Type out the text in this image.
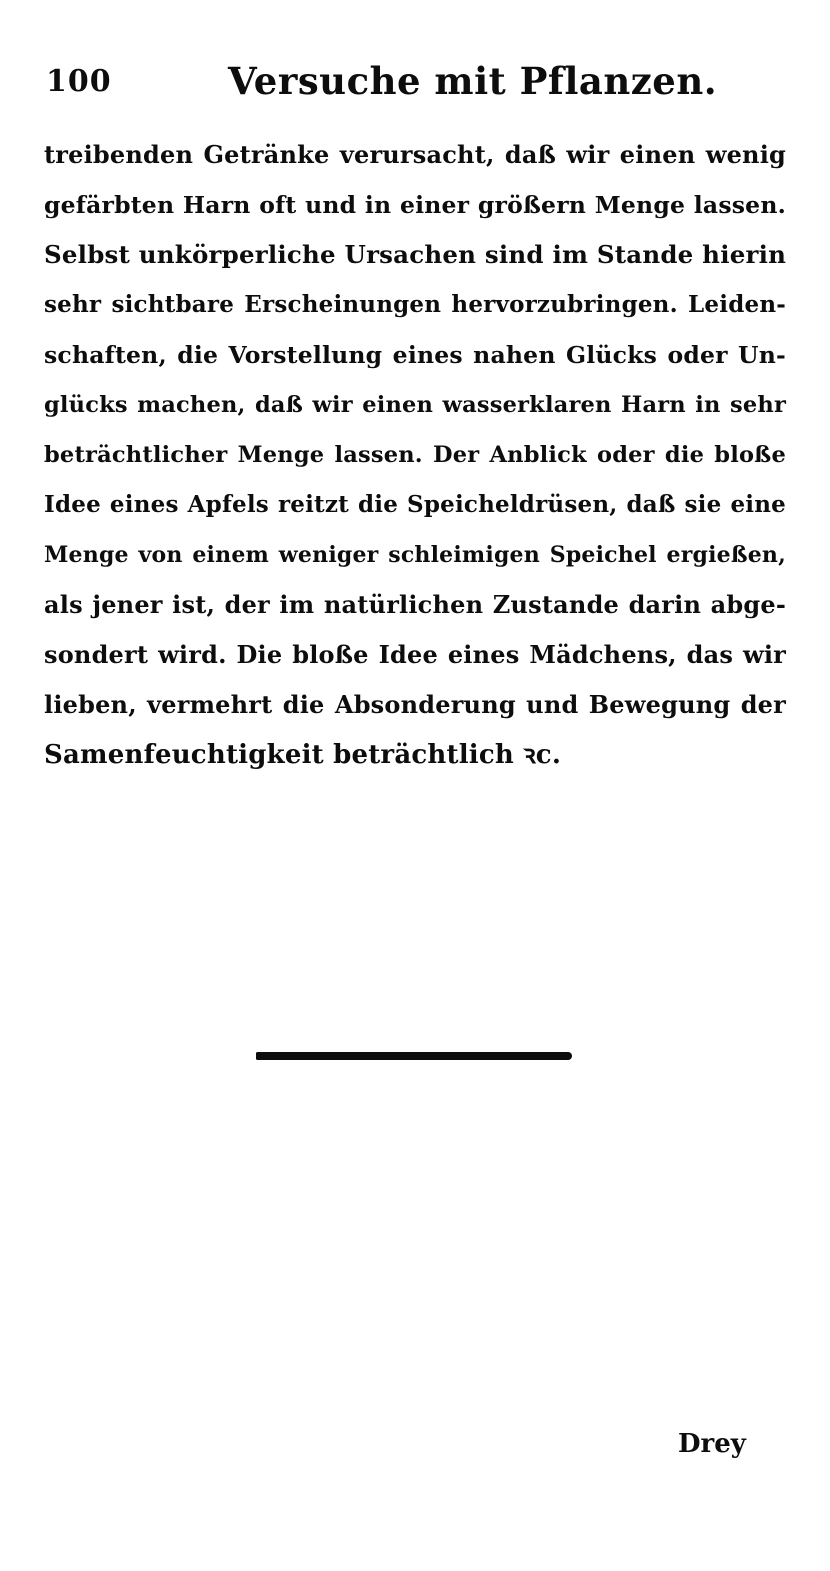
100	Versuche mit Pflanzen.
treibenden Getränke verursacht, daß wir einen wenig
gefärbten Harn oft und in einer größern Menge lassen.
Selbst unkörperliche Ursachen sind im Stande hierin
sehr sichtbare Erscheinungen hervorzubringen. Leiden-
schaften, die Vorstellung eines nahen Glücks oder Un-
glücks machen, daß wir einen wasserklaren Harn in sehr
beträchtlicher Menge lassen. Der Anblick oder die bloße
Idee eines Apfels reitzt die Speicheldrüsen, daß sie eine
Menge von einem weniger schleimigen Speichel ergießen,
als jener ist, der im natürlichen Zustande darin abge-
sondert wird. Die bloße Idee eines Mädchens, das wir
lieben, vermehrt die Absonderung und Bewegung der
Samenfeuchtigkeit beträchtlich ꝛc.
Drey
